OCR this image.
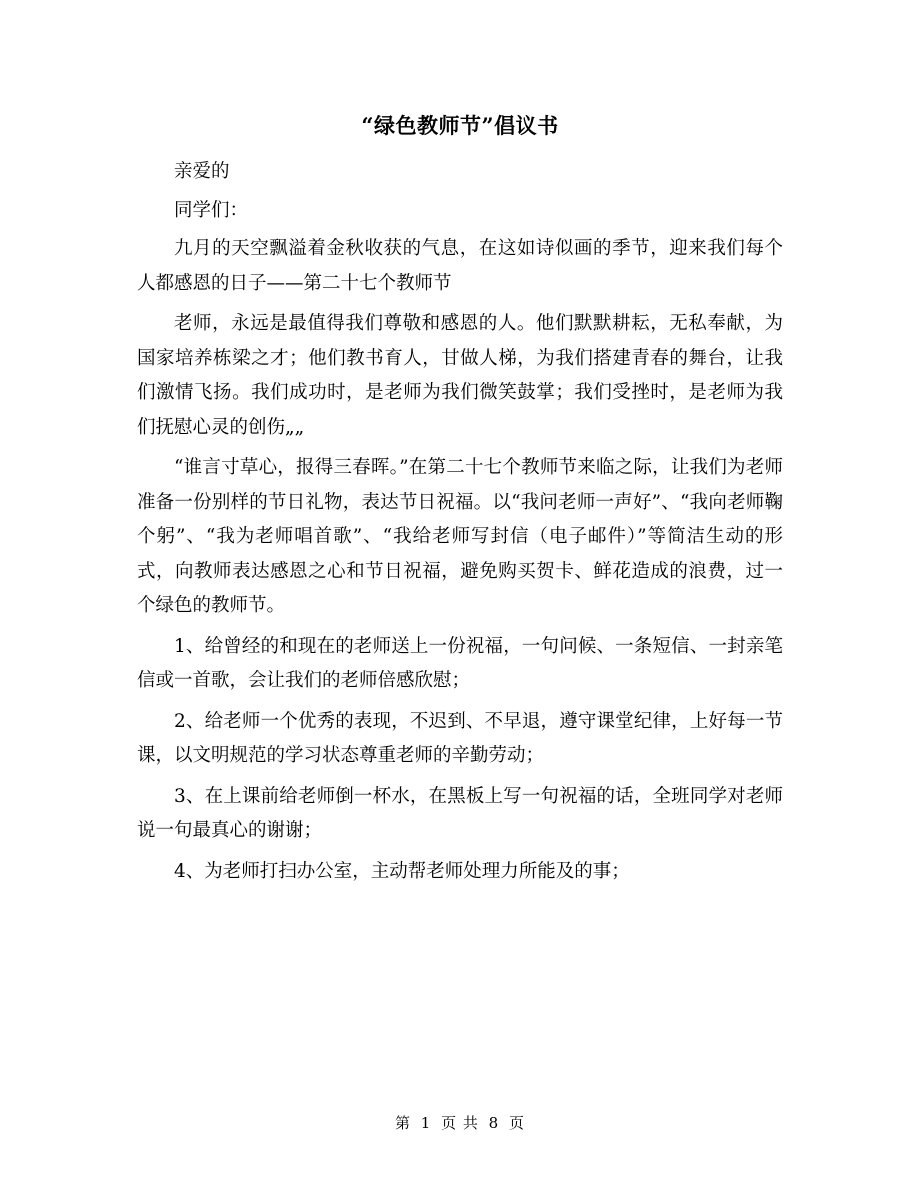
“绿色教师节”倡议书

亲爱的

同学们：

九月的天空飘溢着金秋收获的气息，在这如诗似画的季节，迎来我们每个人都感恩的日子——第二十七个教师节

老师，永远是最值得我们尊敬和感恩的人。他们默默耕耘，无私奉献，为国家培养栋梁之才；他们教书育人，甘做人梯，为我们搭建青春的舞台，让我们激情飞扬。我们成功时，是老师为我们微笑鼓掌；我们受挫时，是老师为我们抚慰心灵的创伤„„

“谁言寸草心，报得三春晖。”在第二十七个教师节来临之际，让我们为老师准备一份别样的节日礼物，表达节日祝福。以“我问老师一声好”、“我向老师鞠个躬”、“我为老师唱首歌”、“我给老师写封信（电子邮件）”等简洁生动的形式，向教师表达感恩之心和节日祝福，避免购买贺卡、鲜花造成的浪费，过一个绿色的教师节。

1、给曾经的和现在的老师送上一份祝福，一句问候、一条短信、一封亲笔信或一首歌，会让我们的老师倍感欣慰；

2、给老师一个优秀的表现，不迟到、不早退，遵守课堂纪律，上好每一节课，以文明规范的学习状态尊重老师的辛勤劳动；

3、在上课前给老师倒一杯水，在黑板上写一句祝福的话，全班同学对老师说一句最真心的谢谢；

4、为老师打扫办公室，主动帮老师处理力所能及的事；

第 1 页 共 8 页
